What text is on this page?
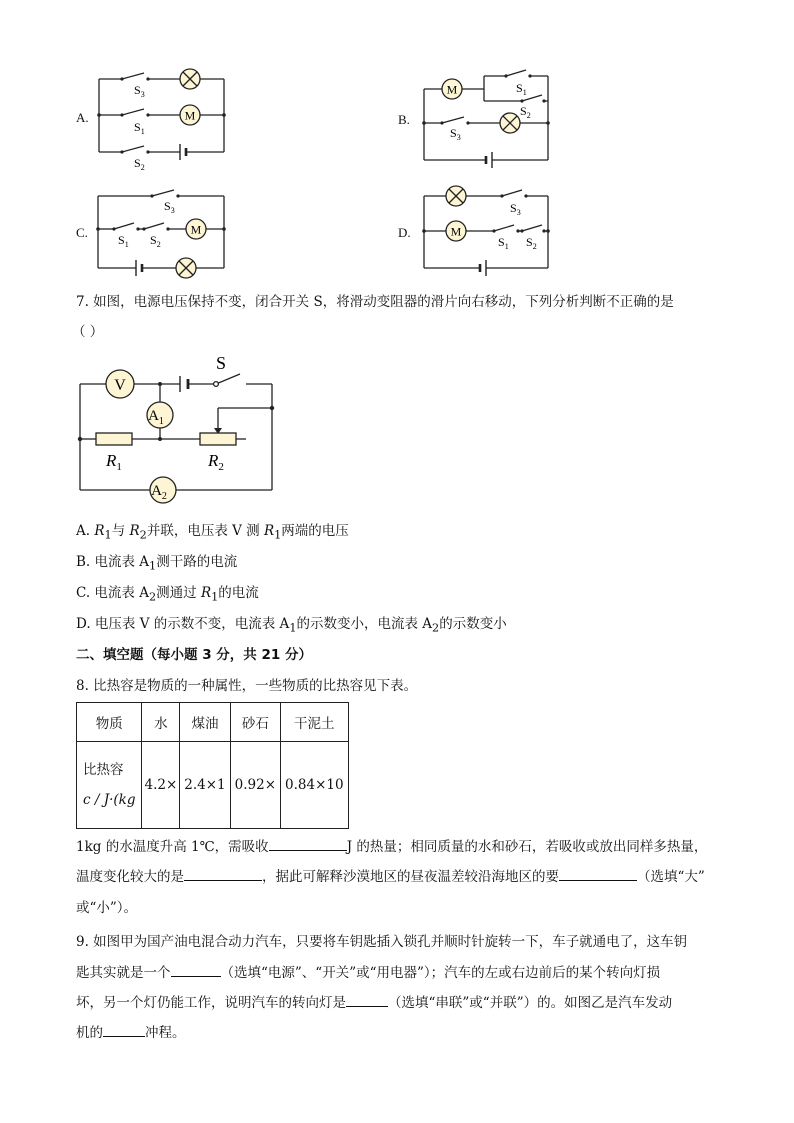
A.	M
$S_3$
$S_1$
$S_2$
B.
M	$S_1$
$S_2$
$S_3$
C.	M
$S_3$
$S_1$ $S_2$
D.	M
$S_3$
$S_1$ $S_2$
7. 如图，电源电压保持不变，闭合开关 S，将滑动变阻器的滑片向右移动，下列分析判断不正确的是
（ ）
S
V
$A_1$
$R_1$	$R_2$
$A_2$
A. $R_1$与 $R_2$并联，电压表 V 测 $R_1$两端的电压
B. 电流表 $A_1$测干路的电流
C. 电流表 $A_2$测通过 $R_1$的电流
D. 电压表 V 的示数不变，电流表 $A_1$的示数变小，电流表 $A_2$的示数变小
二、填空题（每小题 3 分，共 21 分）
8. 比热容是物质的一种属性，一些物质的比热容见下表。
物质	水	煤油	砂石	干泥土

比热容
c / J·(kg	4.2×	2.4×1	0.92×	0.84×10
1kg 的水温度升高 1℃，需吸收	J 的热量；相同质量的水和砂石，若吸收或放出同样多热量，
温度变化较大的是	，据此可解释沙漠地区的昼夜温差较沿海地区的要	（选填“大”
或“小”）。
9. 如图甲为国产油电混合动力汽车，只要将车钥匙插入锁孔并顺时针旋转一下，车子就通电了，这车钥
匙其实就是一个	（选填“电源”、“开关”或“用电器”）；汽车的左或右边前后的某个转向灯损
坏，另一个灯仍能工作，说明汽车的转向灯是	（选填“串联”或“并联”）的。如图乙是汽车发动
机的	冲程。
